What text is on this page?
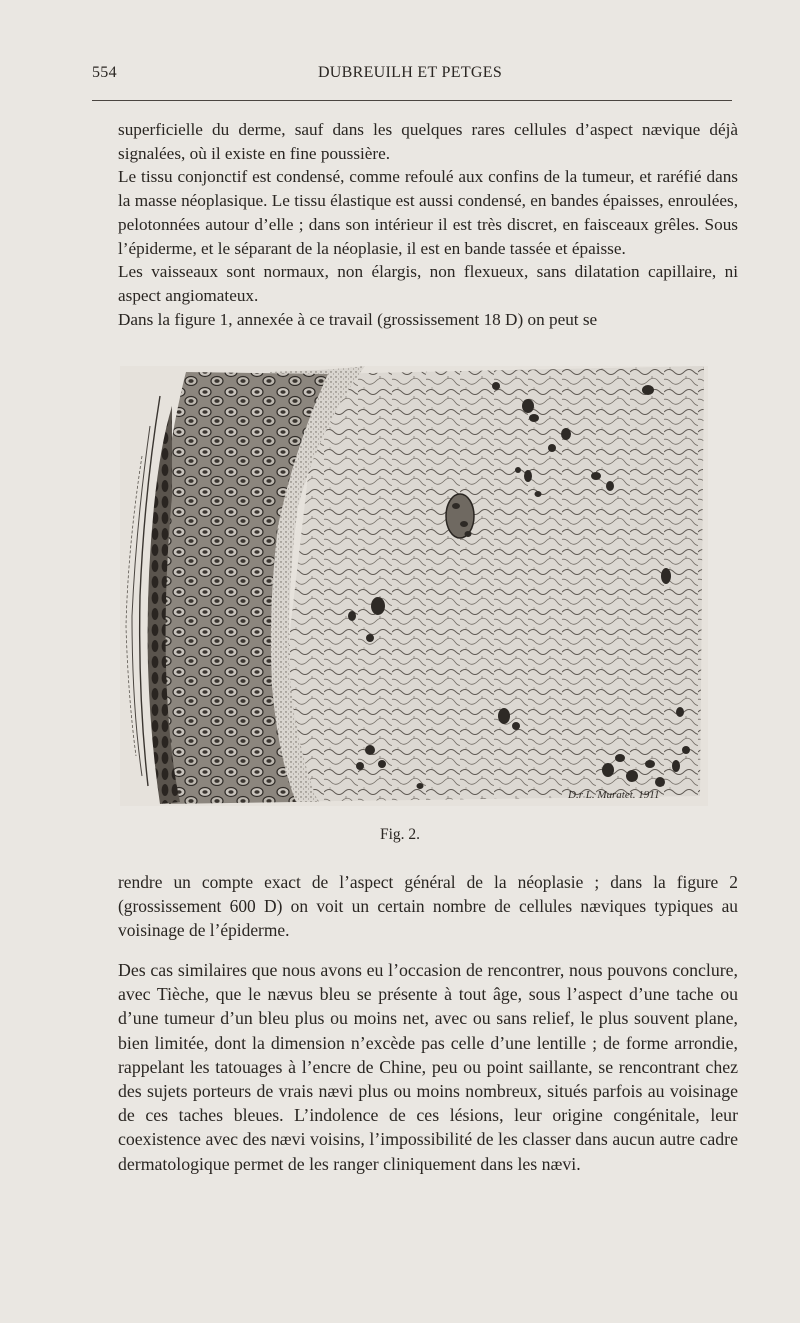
554	DUBREUILH ET PETGES

superficielle du derme, sauf dans les quelques rares cellules d’aspect nævique déjà signalées, où il existe en fine poussière.

Le tissu conjonctif est condensé, comme refoulé aux confins de la tumeur, et raréfié dans la masse néoplasique. Le tissu élastique est aussi condensé, en bandes épaisses, enroulées, pelotonnées autour d’elle ; dans son intérieur il est très discret, en faisceaux grêles. Sous l’épiderme, et le séparant de la néoplasie, il est en bande tassée et épaisse.

Les vaisseaux sont normaux, non élargis, non flexueux, sans dilatation capillaire, ni aspect angiomateux.

Dans la figure 1, annexée à ce travail (grossissement 18 D) on peut se

D.r L. Muratet. 1911
Fig. 2.

rendre un compte exact de l’aspect général de la néoplasie ; dans la figure 2 (grossissement 600 D) on voit un certain nombre de cellules næviques typiques au voisinage de l’épiderme.

Des cas similaires que nous avons eu l’occasion de rencontrer, nous pouvons conclure, avec Tièche, que le nævus bleu se présente à tout âge, sous l’aspect d’une tache ou d’une tumeur d’un bleu plus ou moins net, avec ou sans relief, le plus souvent plane, bien limitée, dont la dimension n’excède pas celle d’une lentille ; de forme arrondie, rappelant les tatouages à l’encre de Chine, peu ou point saillante, se rencontrant chez des sujets porteurs de vrais nævi plus ou moins nombreux, situés parfois au voisinage de ces taches bleues. L’indolence de ces lésions, leur origine congénitale, leur coexistence avec des nævi voisins, l’impossibilité de les classer dans aucun autre cadre dermatologique permet de les ranger cliniquement dans les nævi.
